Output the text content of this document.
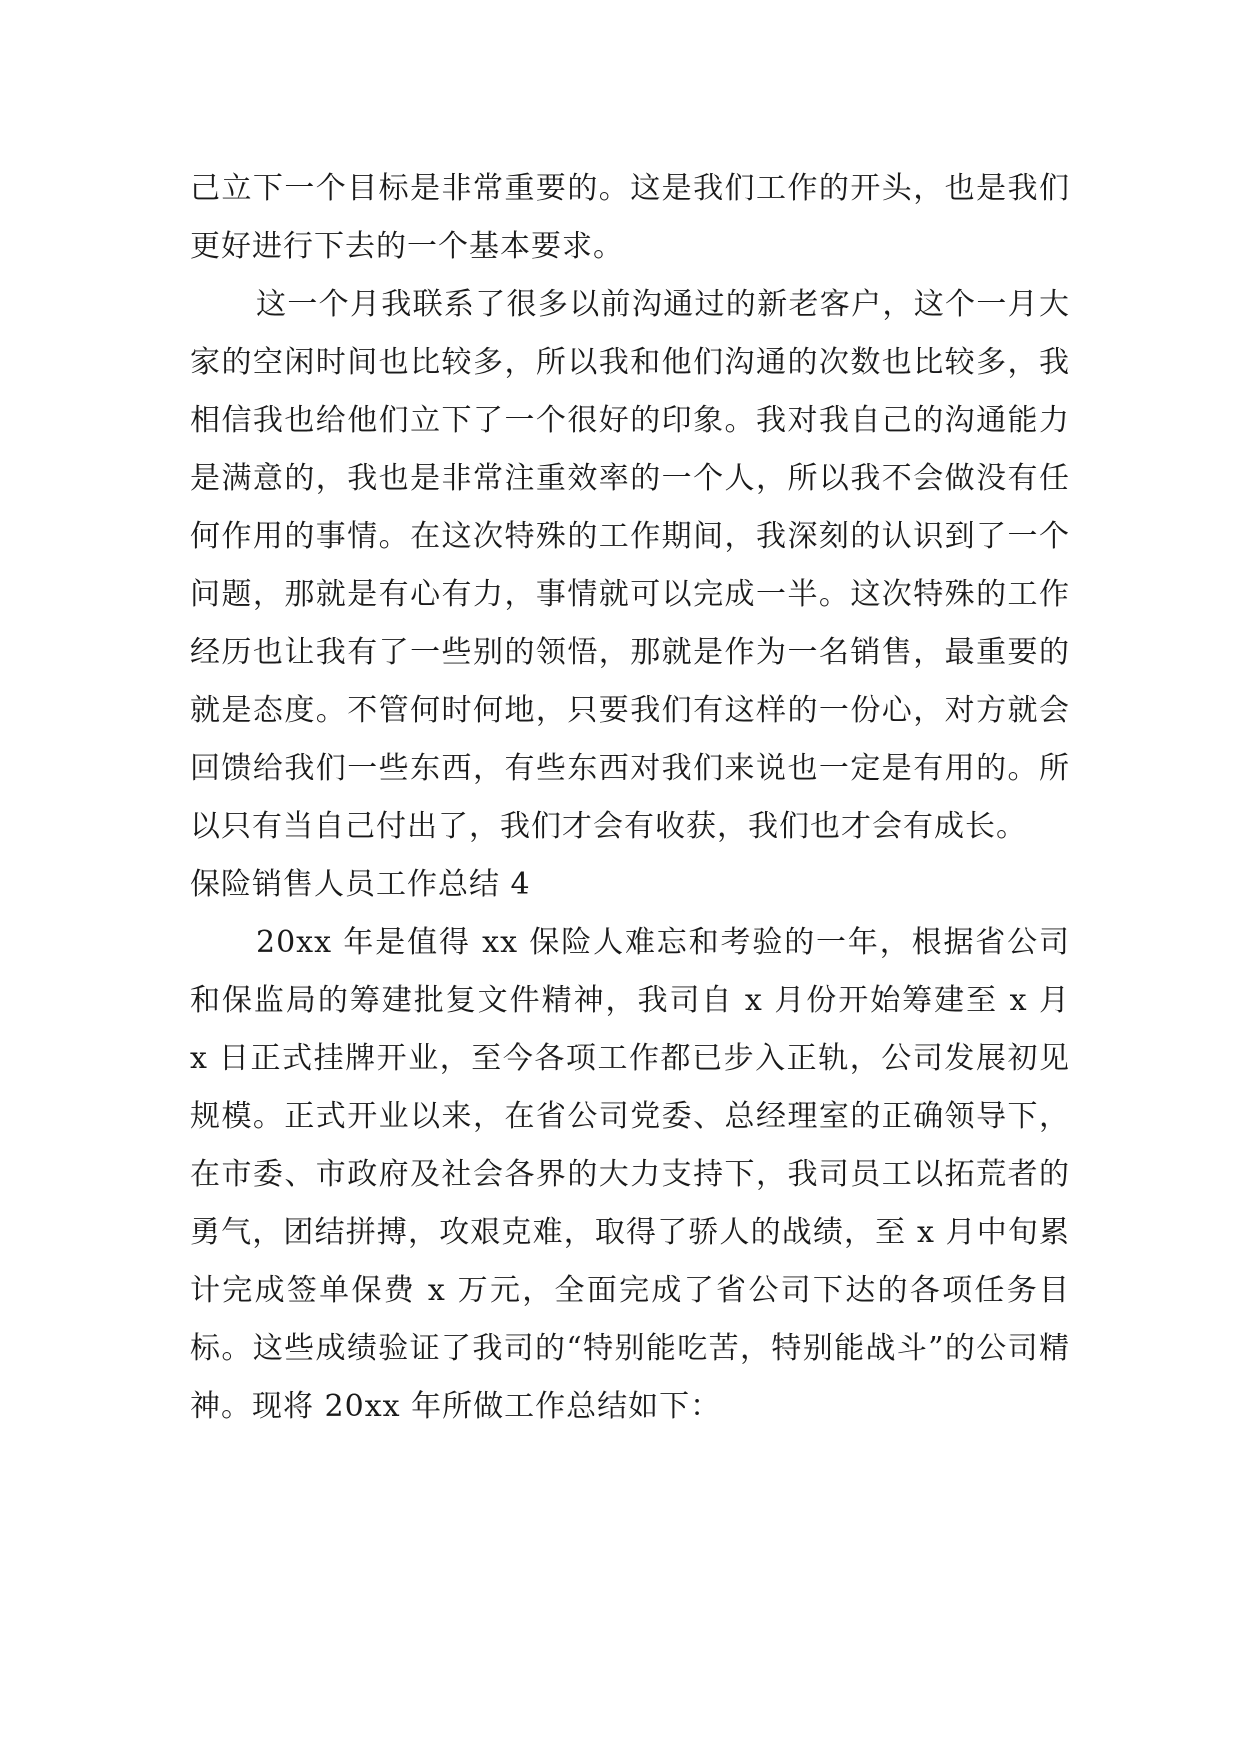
己立下一个目标是非常重要的。这是我们工作的开头，也是我们更好进行下去的一个基本要求。

这一个月我联系了很多以前沟通过的新老客户，这个一月大家的空闲时间也比较多，所以我和他们沟通的次数也比较多，我相信我也给他们立下了一个很好的印象。我对我自己的沟通能力是满意的，我也是非常注重效率的一个人，所以我不会做没有任何作用的事情。在这次特殊的工作期间，我深刻的认识到了一个问题，那就是有心有力，事情就可以完成一半。这次特殊的工作经历也让我有了一些别的领悟，那就是作为一名销售，最重要的就是态度。不管何时何地，只要我们有这样的一份心，对方就会回馈给我们一些东西，有些东西对我们来说也一定是有用的。所以只有当自己付出了，我们才会有收获，我们也才会有成长。

保险销售人员工作总结 4

20xx 年是值得 xx 保险人难忘和考验的一年，根据省公司和保监局的筹建批复文件精神，我司自 x 月份开始筹建至 x 月 x 日正式挂牌开业，至今各项工作都已步入正轨，公司发展初见规模。正式开业以来，在省公司党委、总经理室的正确领导下，在市委、市政府及社会各界的大力支持下，我司员工以拓荒者的勇气，团结拼搏，攻艰克难，取得了骄人的战绩，至 x 月中旬累计完成签单保费 x 万元，全面完成了省公司下达的各项任务目标。这些成绩验证了我司的“特别能吃苦，特别能战斗”的公司精神。现将 20xx 年所做工作总结如下：
